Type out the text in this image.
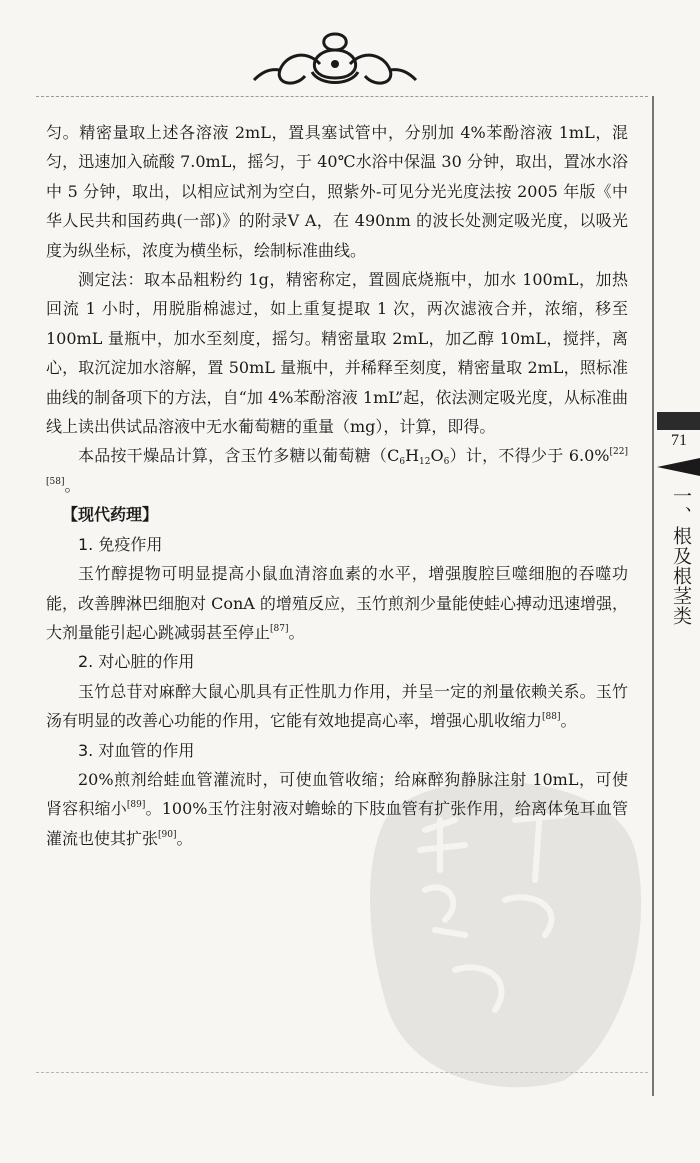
71
一、根及根茎类

匀。精密量取上述各溶液 2mL，置具塞试管中，分别加 4%苯酚溶液 1mL，混匀，迅速加入硫酸 7.0mL，摇匀，于 40℃水浴中保温 30 分钟，取出，置冰水浴中 5 分钟，取出，以相应试剂为空白，照紫外-可见分光光度法按 2005 年版《中华人民共和国药典(一部)》的附录Ⅴ A，在 490nm 的波长处测定吸光度，以吸光度为纵坐标，浓度为横坐标，绘制标准曲线。

测定法：取本品粗粉约 1g，精密称定，置圆底烧瓶中，加水 100mL，加热回流 1 小时，用脱脂棉滤过，如上重复提取 1 次，两次滤液合并，浓缩，移至 100mL 量瓶中，加水至刻度，摇匀。精密量取 2mL，加乙醇 10mL，搅拌，离心，取沉淀加水溶解，置 50mL 量瓶中，并稀释至刻度，精密量取 2mL，照标准曲线的制备项下的方法，自“加 4%苯酚溶液 1mL”起，依法测定吸光度，从标准曲线上读出供试品溶液中无水葡萄糖的重量（mg），计算，即得。

本品按干燥品计算，含玉竹多糖以葡萄糖$(C_6H_{12}O_6)$计，不得少于 6.0%[22][58]。

【现代药理】

1. 免疫作用

玉竹醇提物可明显提高小鼠血清溶血素的水平，增强腹腔巨噬细胞的吞噬功能，改善脾淋巴细胞对 ConA 的增殖反应，玉竹煎剂少量能使蛙心搏动迅速增强，大剂量能引起心跳减弱甚至停止[87]。

2. 对心脏的作用

玉竹总苷对麻醉大鼠心肌具有正性肌力作用，并呈一定的剂量依赖关系。玉竹汤有明显的改善心功能的作用，它能有效地提高心率，增强心肌收缩力[88]。

3. 对血管的作用

20%煎剂给蛙血管灌流时，可使血管收缩；给麻醉狗静脉注射 10mL，可使肾容积缩小[89]。100%玉竹注射液对蟾蜍的下肢血管有扩张作用，给离体兔耳血管灌流也使其扩张[90]。
